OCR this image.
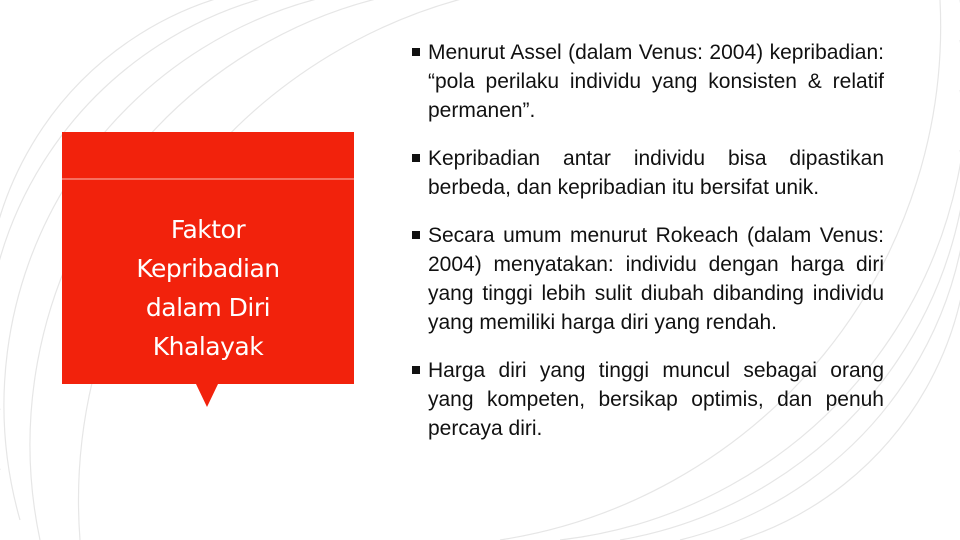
Faktor
Kepribadian
dalam Diri
Khalayak
Menurut Assel (dalam Venus: 2004) kepribadian: “pola perilaku individu yang konsisten & relatif permanen”.
Kepribadian antar individu bisa dipastikan berbeda, dan kepribadian itu bersifat unik.
Secara umum menurut Rokeach (dalam Venus: 2004) menyatakan: individu dengan harga diri yang tinggi lebih sulit diubah dibanding individu yang memiliki harga diri yang rendah.
Harga diri yang tinggi muncul sebagai orang yang kompeten, bersikap optimis, dan penuh percaya diri.
